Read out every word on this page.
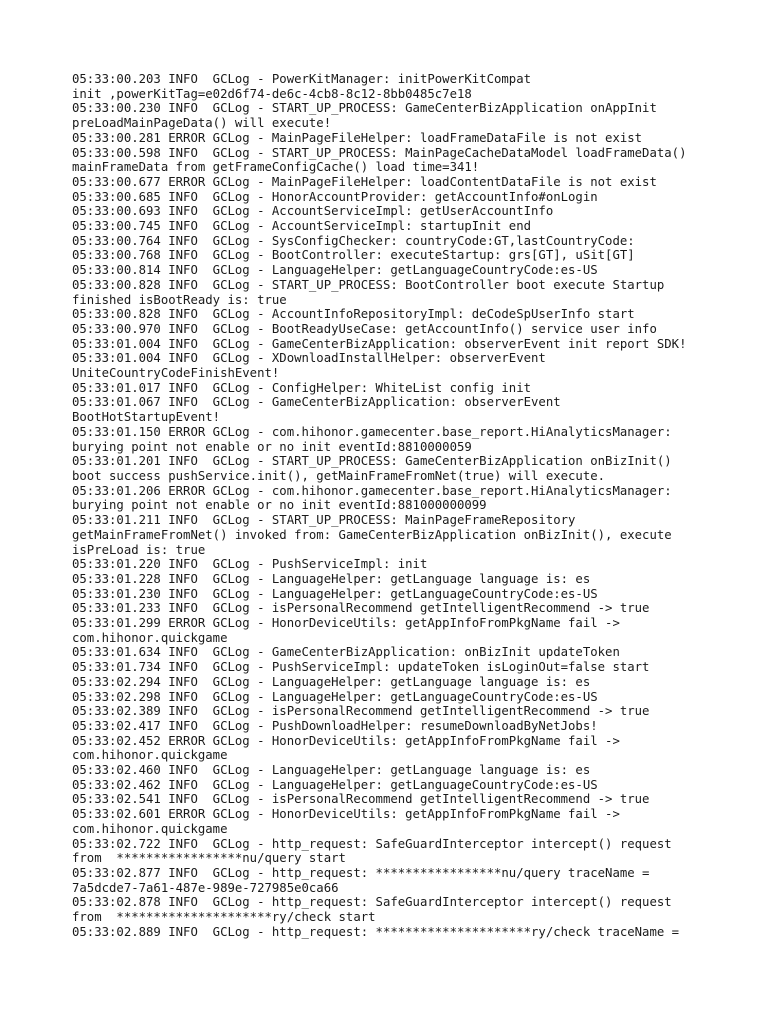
05:33:00.203 INFO  GCLog - PowerKitManager: initPowerKitCompat
init ,powerKitTag=e02d6f74-de6c-4cb8-8c12-8bb0485c7e18
05:33:00.230 INFO  GCLog - START_UP_PROCESS: GameCenterBizApplication onAppInit
preLoadMainPageData() will execute!
05:33:00.281 ERROR GCLog - MainPageFileHelper: loadFrameDataFile is not exist
05:33:00.598 INFO  GCLog - START_UP_PROCESS: MainPageCacheDataModel loadFrameData()
mainFrameData from getFrameConfigCache() load time=341!
05:33:00.677 ERROR GCLog - MainPageFileHelper: loadContentDataFile is not exist
05:33:00.685 INFO  GCLog - HonorAccountProvider: getAccountInfo#onLogin
05:33:00.693 INFO  GCLog - AccountServiceImpl: getUserAccountInfo
05:33:00.745 INFO  GCLog - AccountServiceImpl: startupInit end
05:33:00.764 INFO  GCLog - SysConfigChecker: countryCode:GT,lastCountryCode:
05:33:00.768 INFO  GCLog - BootController: executeStartup: grs[GT], uSit[GT]
05:33:00.814 INFO  GCLog - LanguageHelper: getLanguageCountryCode:es-US
05:33:00.828 INFO  GCLog - START_UP_PROCESS: BootController boot execute Startup
finished isBootReady is: true
05:33:00.828 INFO  GCLog - AccountInfoRepositoryImpl: deCodeSpUserInfo start
05:33:00.970 INFO  GCLog - BootReadyUseCase: getAccountInfo() service user info
05:33:01.004 INFO  GCLog - GameCenterBizApplication: observerEvent init report SDK!
05:33:01.004 INFO  GCLog - XDownloadInstallHelper: observerEvent
UniteCountryCodeFinishEvent!
05:33:01.017 INFO  GCLog - ConfigHelper: WhiteList config init
05:33:01.067 INFO  GCLog - GameCenterBizApplication: observerEvent
BootHotStartupEvent!
05:33:01.150 ERROR GCLog - com.hihonor.gamecenter.base_report.HiAnalyticsManager:
burying point not enable or no init eventId:8810000059
05:33:01.201 INFO  GCLog - START_UP_PROCESS: GameCenterBizApplication onBizInit()
boot success pushService.init(), getMainFrameFromNet(true) will execute.
05:33:01.206 ERROR GCLog - com.hihonor.gamecenter.base_report.HiAnalyticsManager:
burying point not enable or no init eventId:881000000099
05:33:01.211 INFO  GCLog - START_UP_PROCESS: MainPageFrameRepository
getMainFrameFromNet() invoked from: GameCenterBizApplication onBizInit(), execute
isPreLoad is: true
05:33:01.220 INFO  GCLog - PushServiceImpl: init
05:33:01.228 INFO  GCLog - LanguageHelper: getLanguage language is: es
05:33:01.230 INFO  GCLog - LanguageHelper: getLanguageCountryCode:es-US
05:33:01.233 INFO  GCLog - isPersonalRecommend getIntelligentRecommend -> true
05:33:01.299 ERROR GCLog - HonorDeviceUtils: getAppInfoFromPkgName fail ->
com.hihonor.quickgame
05:33:01.634 INFO  GCLog - GameCenterBizApplication: onBizInit updateToken
05:33:01.734 INFO  GCLog - PushServiceImpl: updateToken isLoginOut=false start
05:33:02.294 INFO  GCLog - LanguageHelper: getLanguage language is: es
05:33:02.298 INFO  GCLog - LanguageHelper: getLanguageCountryCode:es-US
05:33:02.389 INFO  GCLog - isPersonalRecommend getIntelligentRecommend -> true
05:33:02.417 INFO  GCLog - PushDownloadHelper: resumeDownloadByNetJobs!
05:33:02.452 ERROR GCLog - HonorDeviceUtils: getAppInfoFromPkgName fail ->
com.hihonor.quickgame
05:33:02.460 INFO  GCLog - LanguageHelper: getLanguage language is: es
05:33:02.462 INFO  GCLog - LanguageHelper: getLanguageCountryCode:es-US
05:33:02.541 INFO  GCLog - isPersonalRecommend getIntelligentRecommend -> true
05:33:02.601 ERROR GCLog - HonorDeviceUtils: getAppInfoFromPkgName fail ->
com.hihonor.quickgame
05:33:02.722 INFO  GCLog - http_request: SafeGuardInterceptor intercept() request
from  *****************nu/query start
05:33:02.877 INFO  GCLog - http_request: *****************nu/query traceName =
7a5dcde7-7a61-487e-989e-727985e0ca66
05:33:02.878 INFO  GCLog - http_request: SafeGuardInterceptor intercept() request
from  *********************ry/check start
05:33:02.889 INFO  GCLog - http_request: *********************ry/check traceName =
